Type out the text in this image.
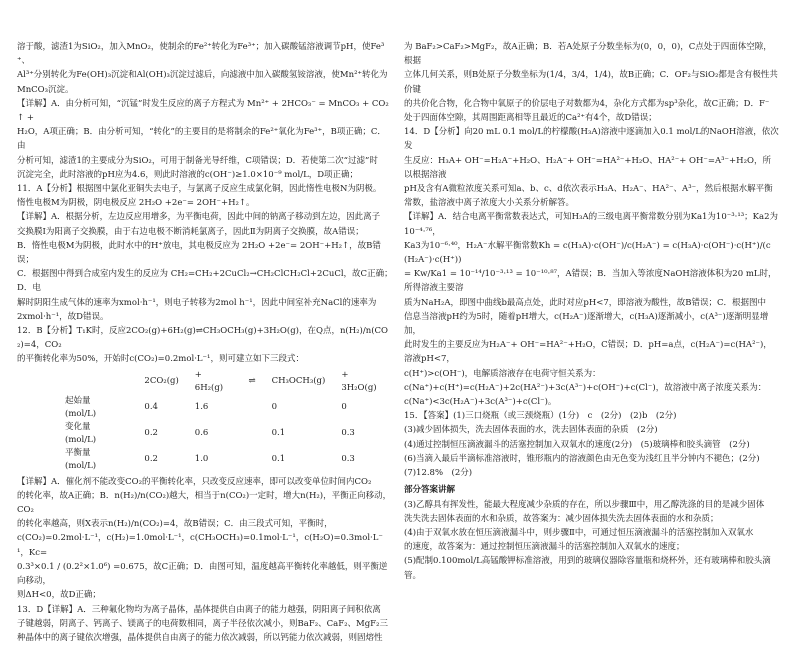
溶于酸，滤渣1为SiO₂，加入MnO₂，使制余的Fe²⁺转化为Fe³⁺；加入碳酸锰溶液调节pH，使Fe³⁺、

Al³⁺分别转化为Fe(OH)₃沉淀和Al(OH)₃沉淀过滤后，向滤液中加入碳酸氢铵溶液，使Mn²⁺转化为

MnCO₃沉淀。

【详解】A．由分析可知，“沉锰”时发生反应的离子方程式为 Mn²⁺ + 2HCO₃⁻ = MnCO₃ + CO₂↑ +

H₂O，A项正确；B．由分析可知，“转化”的主要目的是将制余的Fe²⁺氧化为Fe³⁺，B项正确；C．由

分析可知，滤渣1的主要成分为SiO₂，可用于制备光导纤维，C项错误；D．若使第二次“过滤”时

沉淀完全，此时溶液的pH应为4.6，则此时溶液的c(OH⁻)≥1.0×10⁻⁹ mol/L，D项正确；

11．A【分析】根据图中氯化亚铜失去电子，与氯离子反应生成氯化铜，因此惰性电极N为阴极。

惰性电极M为阴极，阴电极反应 2H₂O +2e⁻= 2OH⁻+H₂↑。

【详解】A．根据分析，左边反应用增多，为平衡电荷，因此中间的钠离子移动到左边，因此离子

交换膜Ⅰ为阳离子交换膜，由于右边电极不断消耗氯离子，因此Ⅱ为阴离子交换膜，故A错误；

B．惰性电极M为阴极，此时水中的H⁺放电，其电极反应为 2H₂O +2e⁻= 2OH⁻+H₂↑，故B错误；

C．根据图中得到合成室内发生的反应为 CH₂=CH₂+2CuCl₂→CH₂ClCH₂Cl+2CuCl，故C正确；D．电

解时阴阳生成气体的速率为xmol·h⁻¹，则电子转移为2mol h⁻¹，因此中间室补充NaCl的速率为

2xmol·h⁻¹，故D错误。

12．B【分析】T₁K时，反应2CO₂(g)+6H₂(g)⇌CH₃OCH₃(g)+3H₂O(g)，在Q点，n(H₂)/n(CO₂)=4，CO₂

的平衡转化率为50%，开始时c(CO₂)=0.2mol·L⁻¹，则可建立如下三段式：

	2CO₂(g)	+ 6H₂(g)	⇌	CH₃OCH₃(g)	+ 3H₂O(g)
起始量(mol/L)	0.4	1.6		0	0
变化量(mol/L)	0.2	0.6		0.1	0.3
平衡量(mol/L)	0.2	1.0		0.1	0.3

【详解】A．催化剂不能改变CO₂的平衡转化率，只改变反应速率，即可以改变单位时间内CO₂

的转化率，故A正确；B．n(H₂)/n(CO₂)越大，相当于n(CO₂)一定时，增大n(H₂)，平衡正向移动，CO₂

的转化率越高，则X表示n(H₂)/n(CO₂)=4，故B错误；C．由三段式可知，平衡时，

c(CO₂)=0.2mol·L⁻¹，c(H₂)=1.0mol·L⁻¹，c(CH₃OCH₃)=0.1mol·L⁻¹，c(H₂O)=0.3mol·L⁻¹，Kc=

0.3³×0.1 / (0.2²×1.0⁶) =0.675，故C正确；D．由图可知，温度越高平衡转化率越低，则平衡逆向移动，

则ΔH<0，故D正确；

13．D【详解】A．三种氟化物均为离子晶体，晶体提供自由离子的能力越强，阴阳离子间积依离

子键越弱，阴离子、钙离子、镁离子的电荷数相同，离子半径依次减小，则BaF₂、CaF₂、MgF₂三

种晶体中的离子键依次增强，晶体提供自由离子的能力依次减弱，所以钙能力依次减弱，则固熔性

为 BaF₂>CaF₂>MgF₂，故A正确；B．若A处原子分数坐标为(0，0，0)，C点处于四面体空隙，根据

立体几何关系，则B处原子分数坐标为(1/4，3/4，1/4)，故B正确；C．OF₂与SiO₂都是含有极性共价键

的共价化合物，化合物中氧原子的价层电子对数都为4，杂化方式都为sp³杂化，故C正确；D．F⁻

处于四面体空隙，其周围距离相等且最近的Ca²⁺有4个，故D错误；

14．D【分析】向20 mL 0.1 mol/L的柠檬酸(H₃A)溶液中逐滴加入0.1 mol/L的NaOH溶液，依次发

生反应：H₃A+ OH⁻=H₂A⁻+H₂O、H₂A⁻+ OH⁻=HA²⁻+H₂O、HA²⁻+ OH⁻=A³⁻+H₂O，所以根据溶液

pH及含有A微粒浓度关系可知a、b、c、d依次表示H₃A、H₂A⁻、HA²⁻、A³⁻，然后根据水解平衡

常数，盐溶液中离子浓度大小关系分析解答。

【详解】A．结合电离平衡常数表达式，可知H₃A的三级电离平衡常数分别为Ka1为10⁻³·¹³；Ka2为

10⁻⁴·⁷⁶，

Ka3为10⁻⁶·⁴⁰，H₂A⁻水解平衡常数Kh = c(H₃A)·c(OH⁻)/c(H₂A⁻) = c(H₃A)·c(OH⁻)·c(H⁺)/(c(H₂A⁻)·c(H⁺))

= Kw/Ka1 = 10⁻¹⁴/10⁻³·¹³ = 10⁻¹⁰·⁸⁷，A错误；B．当加入等浓度NaOH溶液体积为20 mL时，所得溶液主要溶

质为NaH₂A，即图中曲线b最高点处，此时对应pH<7，即溶液为酸性，故B错误；C．根据图中

信息当溶液pH约为5时，随着pH增大，c(H₂A⁻)逐渐增大，c(H₃A)逐渐减小，c(A³⁻)逐渐明显增加，

此时发生的主要反应为H₂A⁻+ OH⁻=HA²⁻+H₂O，C错误；D．pH=a点，c(H₂A⁻)=c(HA²⁻)，溶液pH<7，

c(H⁺)>c(OH⁻)，电解质溶液存在电荷守恒关系为：

c(Na⁺)+c(H⁺)=c(H₂A⁻)+2c(HA²⁻)+3c(A³⁻)+c(OH⁻)+c(Cl⁻)，故溶液中离子浓度关系为：

c(Na⁺)<3c(H₂A⁻)+3c(A³⁻)+c(Cl⁻)。

15．【答案】(1)三口烧瓶（或三颈烧瓶）(1分)　c　(2分)　(2)b　(2分)

(3)减少固体损失，洗去固体表面的水，洗去固体表面的杂质　(2分)

(4)通过控制恒压滴液漏斗的活塞控制加入双氧水的速度(2分)　(5)玻璃棒和胶头滴管　(2分)

(6)当滴入最后半滴标准溶液时，锥形瓶内的溶液颜色由无色变为浅红且半分钟内不褪色；(2分)　(7)12.8%　(2分)

部分答案讲解

(3)乙醇具有挥发性，能最大程度减少杂质的存在，所以步骤Ⅲ中，用乙醇洗涤的目的是减少固体

洗失洗去固体表面的水和杂质，故答案为：减少固体损失洗去固体表面的水和杂质；

(4)由于双氧水放在恒压滴液漏斗中，则步骤Ⅱ中，可通过恒压滴液漏斗的活塞控制加入双氧水

的速度，故答案为：通过控制恒压滴液漏斗的活塞控制加入双氧水的速度；

(5)配制0.100mol/L高锰酸钾标准溶液，用到的玻璃仪器除容量瓶和烧杯外，还有玻璃棒和胶头滴

管。
